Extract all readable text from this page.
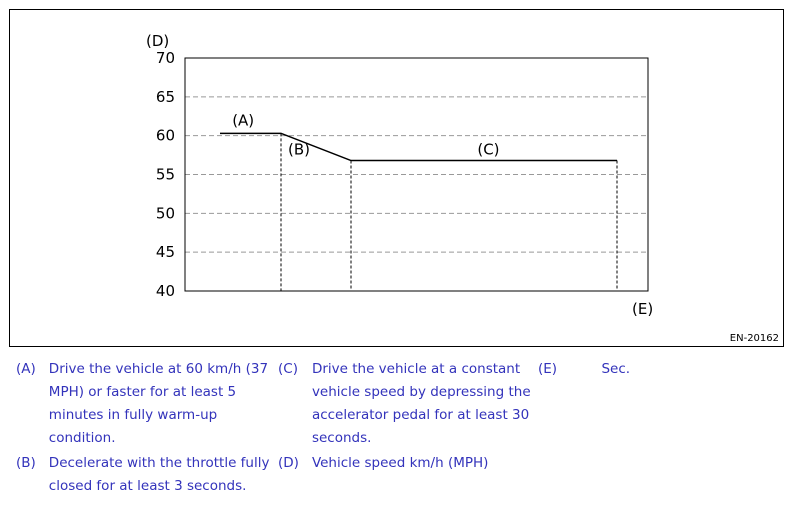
40
45
50
55
60
65
70
(D)
(E)
(A)
(B)	(C)
EN-20162
(A)	Drive the vehicle at 60 km/h (37 MPH) or faster for at least 5 minutes in fully warm-up condition.
(B)	Decelerate with the throttle fully closed for at least 3 seconds.
(C)	Drive the vehicle at a constant vehicle speed by depressing the accelerator pedal for at least 30 seconds.
(D)	Vehicle speed km/h (MPH)
(E)	Sec.
